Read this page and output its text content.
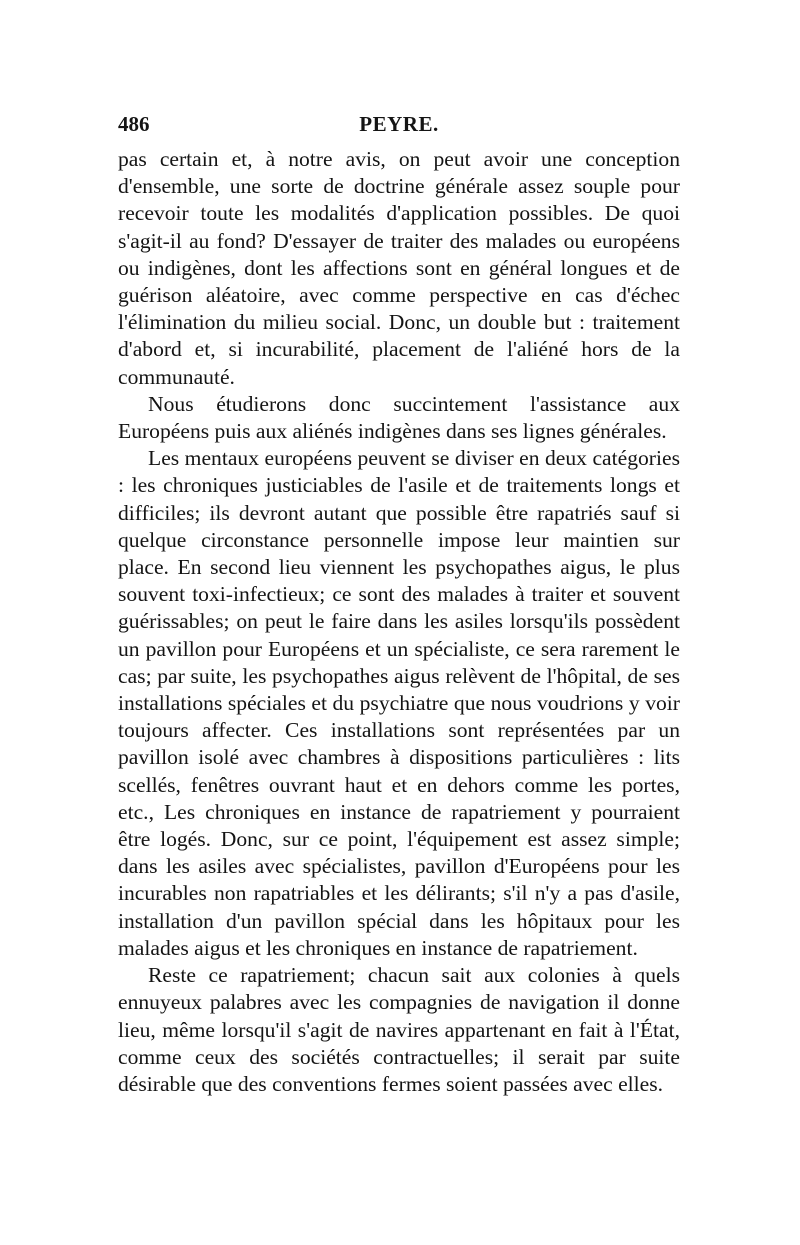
486	PEYRE.

pas certain et, à notre avis, on peut avoir une conception d'ensemble, une sorte de doctrine générale assez souple pour recevoir toute les modalités d'application possibles. De quoi s'agit-il au fond? D'essayer de traiter des malades ou européens ou indigènes, dont les affections sont en général longues et de guérison aléatoire, avec comme perspective en cas d'échec l'élimination du milieu social. Donc, un double but : traitement d'abord et, si incurabilité, placement de l'aliéné hors de la communauté.

Nous étudierons donc succintement l'assistance aux Européens puis aux aliénés indigènes dans ses lignes générales.

Les mentaux européens peuvent se diviser en deux catégories : les chroniques justiciables de l'asile et de traitements longs et difficiles; ils devront autant que possible être rapatriés sauf si quelque circonstance personnelle impose leur maintien sur place. En second lieu viennent les psychopathes aigus, le plus souvent toxi-infectieux; ce sont des malades à traiter et souvent guérissables; on peut le faire dans les asiles lorsqu'ils possèdent un pavillon pour Européens et un spécialiste, ce sera rarement le cas; par suite, les psychopathes aigus relèvent de l'hôpital, de ses installations spéciales et du psychiatre que nous voudrions y voir toujours affecter. Ces installations sont représentées par un pavillon isolé avec chambres à dispositions particulières : lits scellés, fenêtres ouvrant haut et en dehors comme les portes, etc., Les chroniques en instance de rapatriement y pourraient être logés. Donc, sur ce point, l'équipement est assez simple; dans les asiles avec spécialistes, pavillon d'Européens pour les incurables non rapatriables et les délirants; s'il n'y a pas d'asile, installation d'un pavillon spécial dans les hôpitaux pour les malades aigus et les chroniques en instance de rapatriement.

Reste ce rapatriement; chacun sait aux colonies à quels ennuyeux palabres avec les compagnies de navigation il donne lieu, même lorsqu'il s'agit de navires appartenant en fait à l'État, comme ceux des sociétés contractuelles; il serait par suite désirable que des conventions fermes soient passées avec elles.
